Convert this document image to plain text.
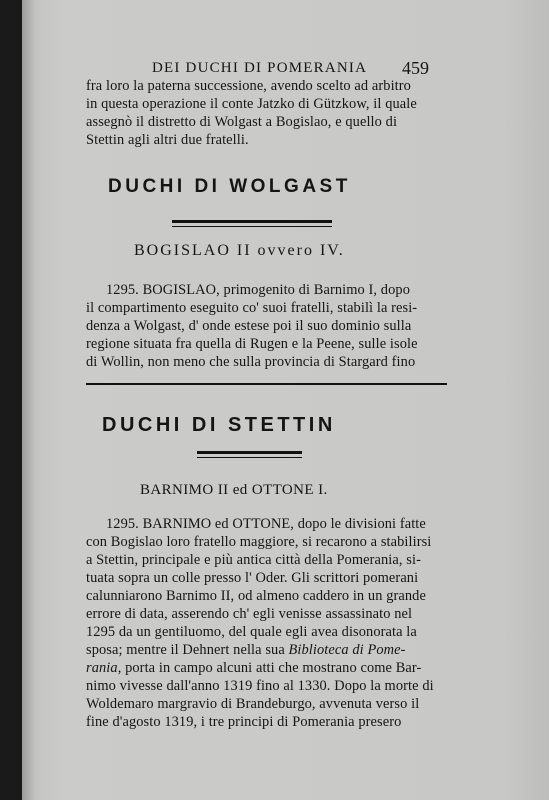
DEI DUCHI DI POMERANIA 459
fra loro la paterna successione, avendo scelto ad arbitro
in questa operazione il conte Jatzko di Gützkow, il quale
assegnò il distretto di Wolgast a Bogislao, e quello di
Stettin agli altri due fratelli.
DUCHI DI WOLGAST
BOGISLAO II ovvero IV.
1295. BOGISLAO, primogenito di Barnimo I, dopo
il compartimento eseguito co' suoi fratelli, stabilì la resi-
denza a Wolgast, d' onde estese poi il suo dominio sulla
regione situata fra quella di Rugen e la Peene, sulle isole
di Wollin, non meno che sulla provincia di Stargard fino
DUCHI DI STETTIN
BARNIMO II ed OTTONE I.
1295. BARNIMO ed OTTONE, dopo le divisioni fatte
con Bogislao loro fratello maggiore, si recarono a stabilirsi
a Stettin, principale e più antica città della Pomerania, si-
tuata sopra un colle presso l' Oder. Gli scrittori pomerani
calunniarono Barnimo II, od almeno caddero in un grande
errore di data, asserendo ch' egli venisse assassinato nel
1295 da un gentiluomo, del quale egli avea disonorata la
sposa; mentre il Dehnert nella sua Biblioteca di Pome-
rania, porta in campo alcuni atti che mostrano come Bar-
nimo vivesse dall'anno 1319 fino al 1330. Dopo la morte di
Woldemaro margravio di Brandeburgo, avvenuta verso il
fine d'agosto 1319, i tre principi di Pomerania presero
